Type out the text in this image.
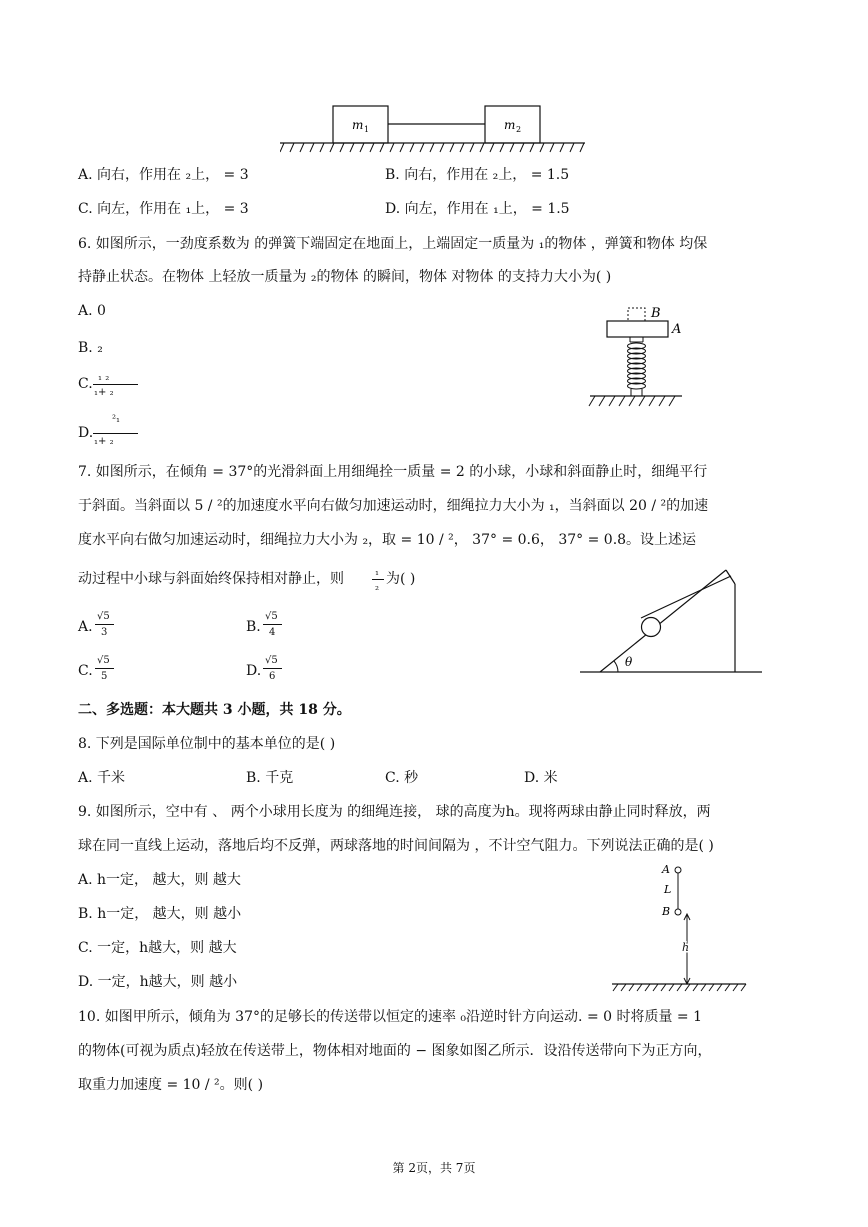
m 1	m 2
A. 向右，作用在 ₂上， = 3	B. 向右，作用在 ₂上， = 1.5
C. 向左，作用在 ₁上， = 3	D. 向左，作用在 ₁上， = 1.5
6. 如图所示，一劲度系数为 的弹簧下端固定在地面上，上端固定一质量为 ₁的物体 ，弹簧和物体 均保
持静止状态。在物体 上轻放一质量为 ₂的物体 的瞬间，物体 对物体 的支持力大小为( )
A. 0
B. ₂
C. ₁ ₂
₁+ ₂
D.
²₁
₁+ ₂
B
A
7. 如图所示，在倾角 = 37°的光滑斜面上用细绳拴一质量 = 2 的小球，小球和斜面静止时，细绳平行
于斜面。当斜面以 5 / ²的加速度水平向右做匀加速运动时，细绳拉力大小为 ₁，当斜面以 20 / ²的加速
度水平向右做匀加速运动时，细绳拉力大小为 ₂，取 = 10 / ²， 37° = 0.6， 37° = 0.8。设上述运
动过程中小球与斜面始终保持相对静止，则	₁
₂
为( )
A.
√5
3	B.
√5
4
C.
√5
5	D.
√5
6
θ
二、多选题：本大题共 3 小题，共 18 分。
8. 下列是国际单位制中的基本单位的是( )
A. 千米	B. 千克	C. 秒	D. 米
9. 如图所示，空中有 、 两个小球用长度为 的细绳连接， 球的高度为h。现将两球由静止同时释放，两
球在同一直线上运动，落地后均不反弹，两球落地的时间间隔为 ，不计空气阻力。下列说法正确的是( )
A. h一定， 越大，则 越大
B. h一定， 越大，则 越小
C. 一定，h越大，则 越大
D. 一定，h越大，则 越小
A
L
B
h
10. 如图甲所示，倾角为 37°的足够长的传送带以恒定的速率 ₀沿逆时针方向运动. = 0 时将质量 = 1
的物体(可视为质点)轻放在传送带上，物体相对地面的 − 图象如图乙所示．设沿传送带向下为正方向，
取重力加速度 = 10 / ²。则( )
第 2页，共 7页
